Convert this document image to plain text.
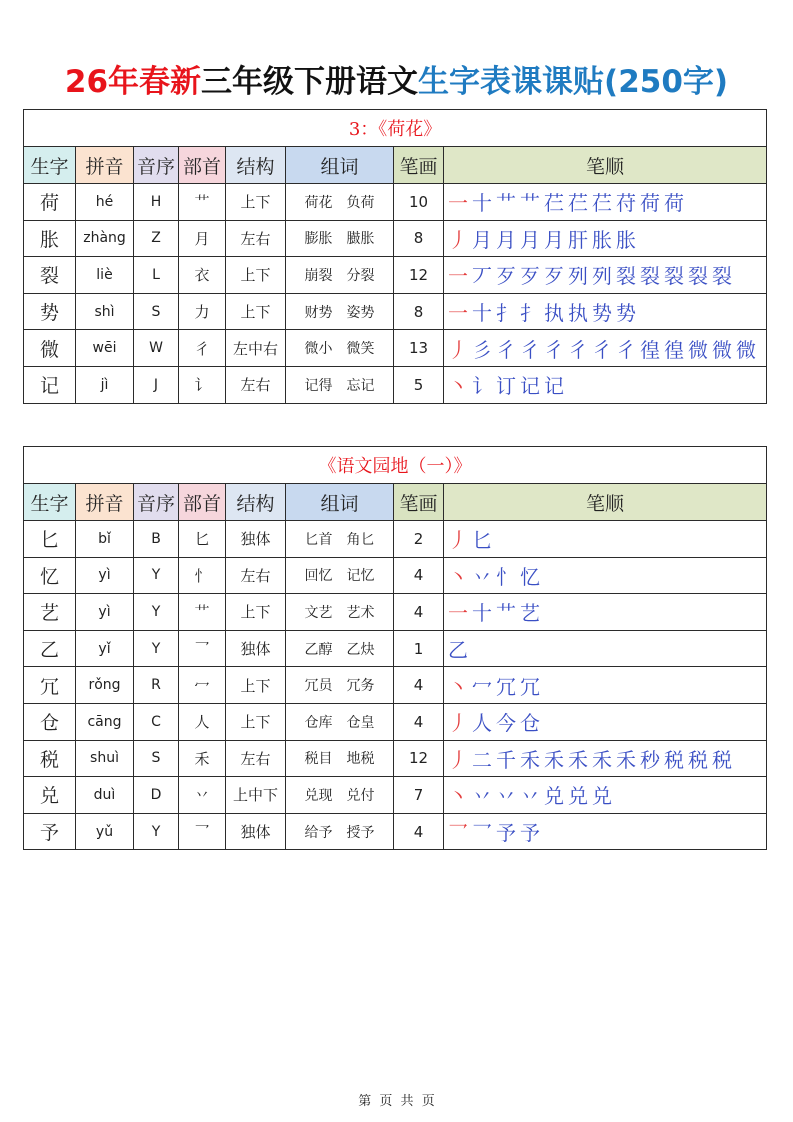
26年春新三年级下册语文生字表课课贴(250字)
3：《荷花》							
生字	拼音	音序	部首	结构	组词	笔画	笔顺
荷	hé	H	艹	上下	荷花 负荷	10	一 十 艹 艹 芢 芢 芢 苻 荷 荷
胀	zhàng	Z	月	左右	膨胀 臌胀	8	丿 月 月 月 月 肝 胀 胀
裂	liè	L	衣	上下	崩裂 分裂	12	一 丆 歹 歹 歹 列 列 裂 裂 裂 裂 裂
势	shì	S	力	上下	财势 姿势	8	一 十 扌 扌 执 执 势 势
微	wēi	W	彳	左中右	微小 微笑	13	丿 彡 彳 彳 彳 彳 彳 彳 徨 徨 微 微 微
记	jì	J	讠	左右	记得 忘记	5	丶 讠 订 记 记
《语文园地（一）》							
生字	拼音	音序	部首	结构	组词	笔画	笔顺
匕	bǐ	B	匕	独体	匕首 角匕	2	丿 匕
忆	yì	Y	忄	左右	回忆 记忆	4	丶 丷 忄 忆
艺	yì	Y	艹	上下	文艺 艺术	4	一 十 艹 艺
乙	yǐ	Y	乛	独体	乙醇 乙炔	1	乙
冗	rǒng	R	冖	上下	冗员 冗务	4	丶 冖 冗 冗
仓	cāng	C	人	上下	仓库 仓皇	4	丿 人 今 仓
税	shuì	S	禾	左右	税目 地税	12	丿 二 千 禾 禾 禾 禾 禾 秒 税 税 税
兑	duì	D	丷	上中下	兑现 兑付	7	丶 丷 丷 丷 兑 兑 兑
予	yǔ	Y	乛	独体	给予 授予	4	乛 乛 予 予
第 页 共 页
